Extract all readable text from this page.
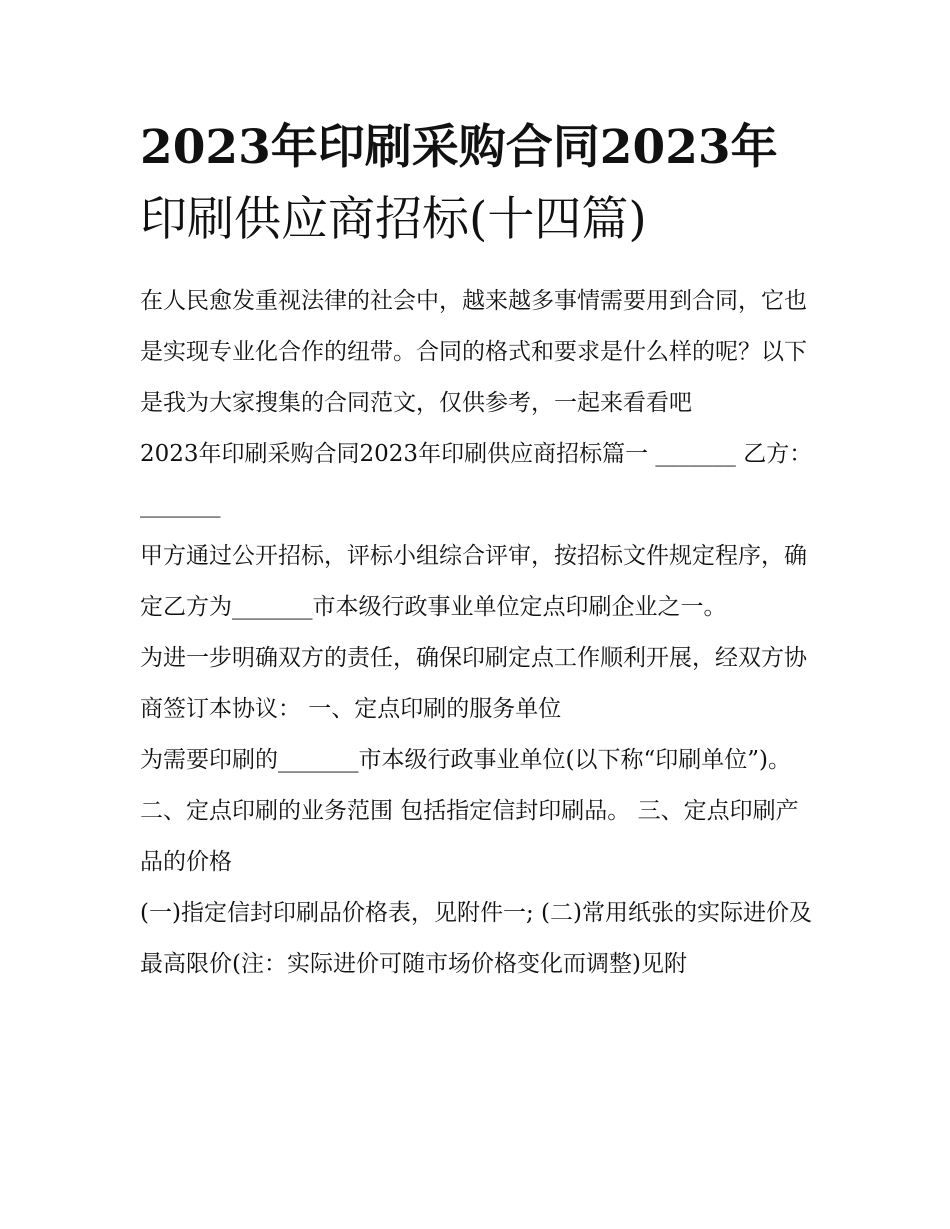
2023年印刷采购合同2023年
印刷供应商招标(十四篇)

在人民愈发重视法律的社会中，越来越多事情需要用到合同，它也是实现专业化合作的纽带。合同的格式和要求是什么样的呢？以下是我为大家搜集的合同范文，仅供参考，一起来看看吧

2023年印刷采购合同2023年印刷供应商招标篇一 _______ 乙方： _______

甲方通过公开招标，评标小组综合评审，按招标文件规定程序，确定乙方为_______市本级行政事业单位定点印刷企业之一。

为进一步明确双方的责任，确保印刷定点工作顺利开展，经双方协商签订本协议： 一、定点印刷的服务单位

为需要印刷的_______市本级行政事业单位(以下称“印刷单位”)。 二、定点印刷的业务范围 包括指定信封印刷品。 三、定点印刷产品的价格

(一)指定信封印刷品价格表，见附件一; (二)常用纸张的实际进价及最高限价(注：实际进价可随市场价格变化而调整)见附
